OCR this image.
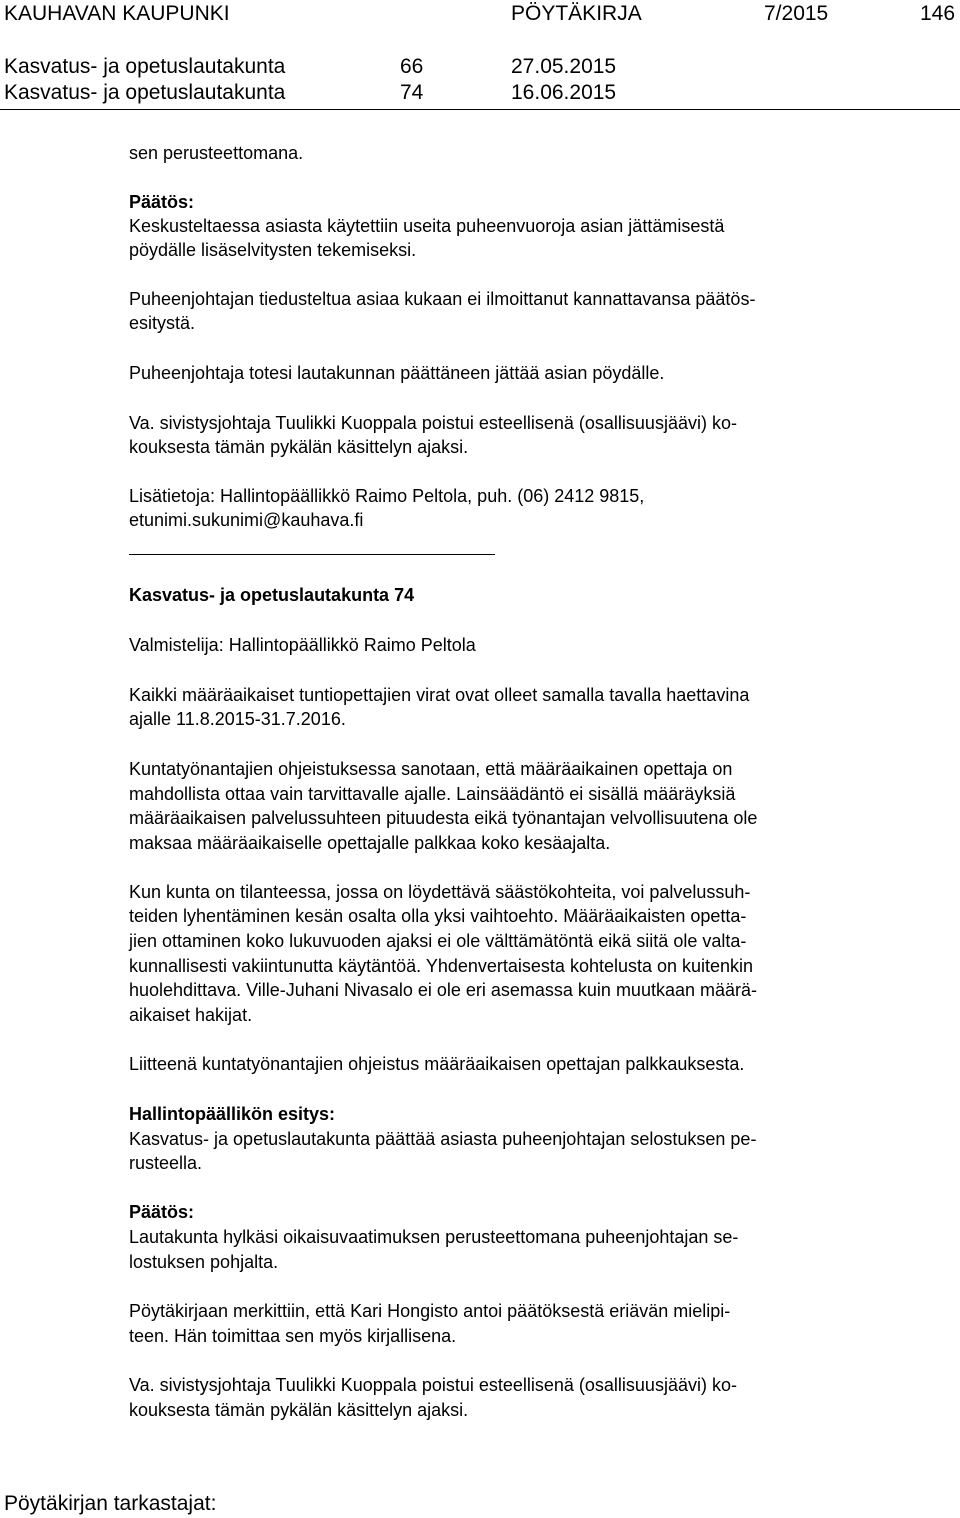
KAUHAVAN KAUPUNKI	PÖYTÄKIRJA	7/2015	146
Kasvatus- ja opetuslautakunta	66	27.05.2015
Kasvatus- ja opetuslautakunta	74	16.06.2015
sen perusteettomana.
Päätös:
Keskusteltaessa asiasta käytettiin useita puheenvuoroja asian jättämisestä
pöydälle lisäselvitysten tekemiseksi.
Puheenjohtajan tiedusteltua asiaa kukaan ei ilmoittanut kannattavansa päätös-
esitystä.
Puheenjohtaja totesi lautakunnan päättäneen jättää asian pöydälle.
Va. sivistysjohtaja Tuulikki Kuoppala poistui esteellisenä (osallisuusjäävi) ko-
kouksesta tämän pykälän käsittelyn ajaksi.
Lisätietoja: Hallintopäällikkö Raimo Peltola, puh. (06) 2412 9815,
etunimi.sukunimi@kauhava.fi
Kasvatus- ja opetuslautakunta 74
Valmistelija: Hallintopäällikkö Raimo Peltola
Kaikki määräaikaiset tuntiopettajien virat ovat olleet samalla tavalla haettavina
ajalle 11.8.2015-31.7.2016.
Kuntatyönantajien ohjeistuksessa sanotaan, että määräaikainen opettaja on
mahdollista ottaa vain tarvittavalle ajalle. Lainsäädäntö ei sisällä määräyksiä
määräaikaisen palvelussuhteen pituudesta eikä työnantajan velvollisuutena ole
maksaa määräaikaiselle opettajalle palkkaa koko kesäajalta.
Kun kunta on tilanteessa, jossa on löydettävä säästökohteita, voi palvelussuh-
teiden lyhentäminen kesän osalta olla yksi vaihtoehto. Määräaikaisten opetta-
jien ottaminen koko lukuvuoden ajaksi ei ole välttämätöntä eikä siitä ole valta-
kunnallisesti vakiintunutta käytäntöä. Yhdenvertaisesta kohtelusta on kuitenkin
huolehdittava. Ville-Juhani Nivasalo ei ole eri asemassa kuin muutkaan määrä-
aikaiset hakijat.
Liitteenä kuntatyönantajien ohjeistus määräaikaisen opettajan palkkauksesta.
Hallintopäällikön esitys:
Kasvatus- ja opetuslautakunta päättää asiasta puheenjohtajan selostuksen pe-
rusteella.
Päätös:
Lautakunta hylkäsi oikaisuvaatimuksen perusteettomana puheenjohtajan se-
lostuksen pohjalta.
Pöytäkirjaan merkittiin, että Kari Hongisto antoi päätöksestä eriävän mielipi-
teen. Hän toimittaa sen myös kirjallisena.
Va. sivistysjohtaja Tuulikki Kuoppala poistui esteellisenä (osallisuusjäävi) ko-
kouksesta tämän pykälän käsittelyn ajaksi.
Pöytäkirjan tarkastajat:
